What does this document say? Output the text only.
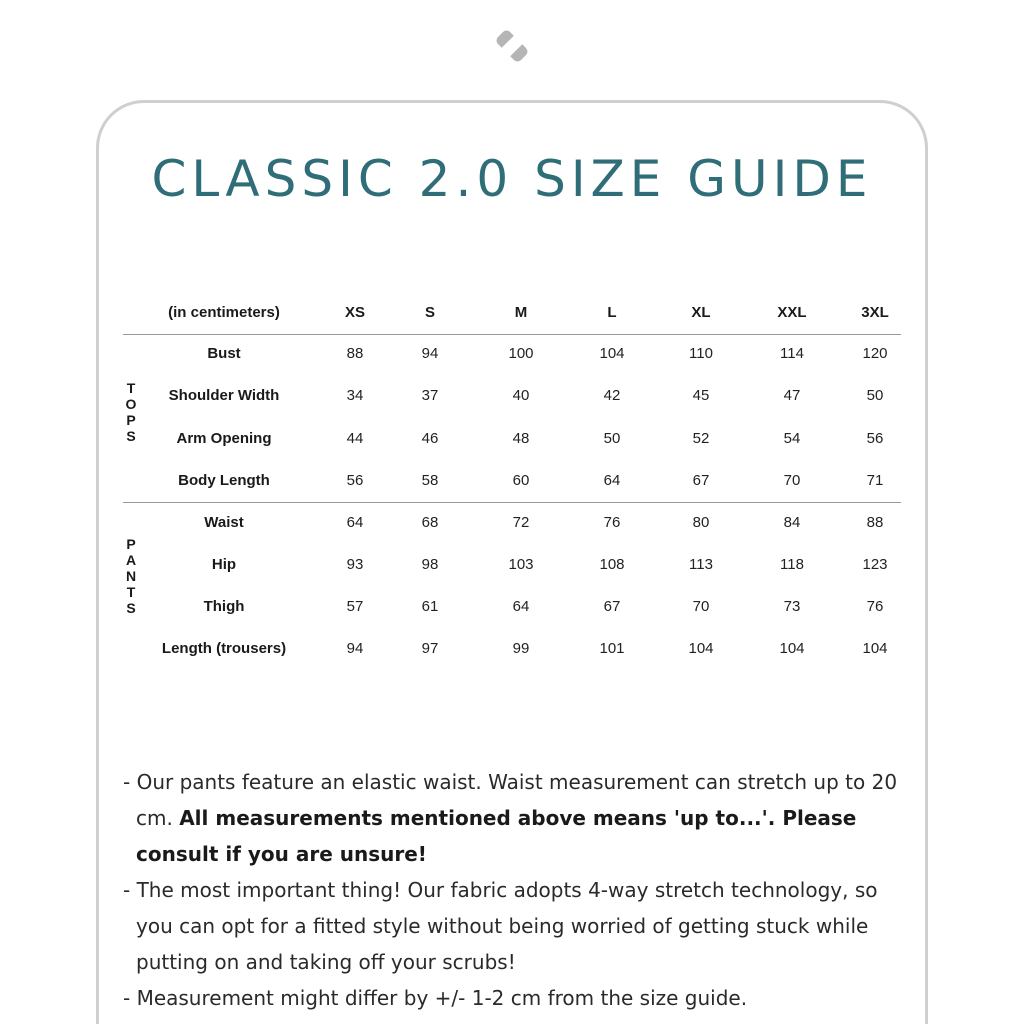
CLASSIC 2.0 SIZE GUIDE
(in centimeters)	XS	S	M	L	XL	XXL	3XL
TOPS
Bust	88	94	100	104	110	114	120
Shoulder Width	34	37	40	42	45	47	50
Arm Opening	44	46	48	50	52	54	56
Body Length	56	58	60	64	67	70	71
PANTS
Waist	64	68	72	76	80	84	88
Hip	93	98	103	108	113	118	123
Thigh	57	61	64	67	70	73	76
Length (trousers)	94	97	99	101	104	104	104
- Our pants feature an elastic waist. Waist measurement can stretch up to 20 cm. All measurements mentioned above means 'up to...'. Please consult if you are unsure!
- The most important thing! Our fabric adopts 4-way stretch technology, so you can opt for a fitted style without being worried of getting stuck while putting on and taking off your scrubs!
- Measurement might differ by +/- 1-2 cm from the size guide.
